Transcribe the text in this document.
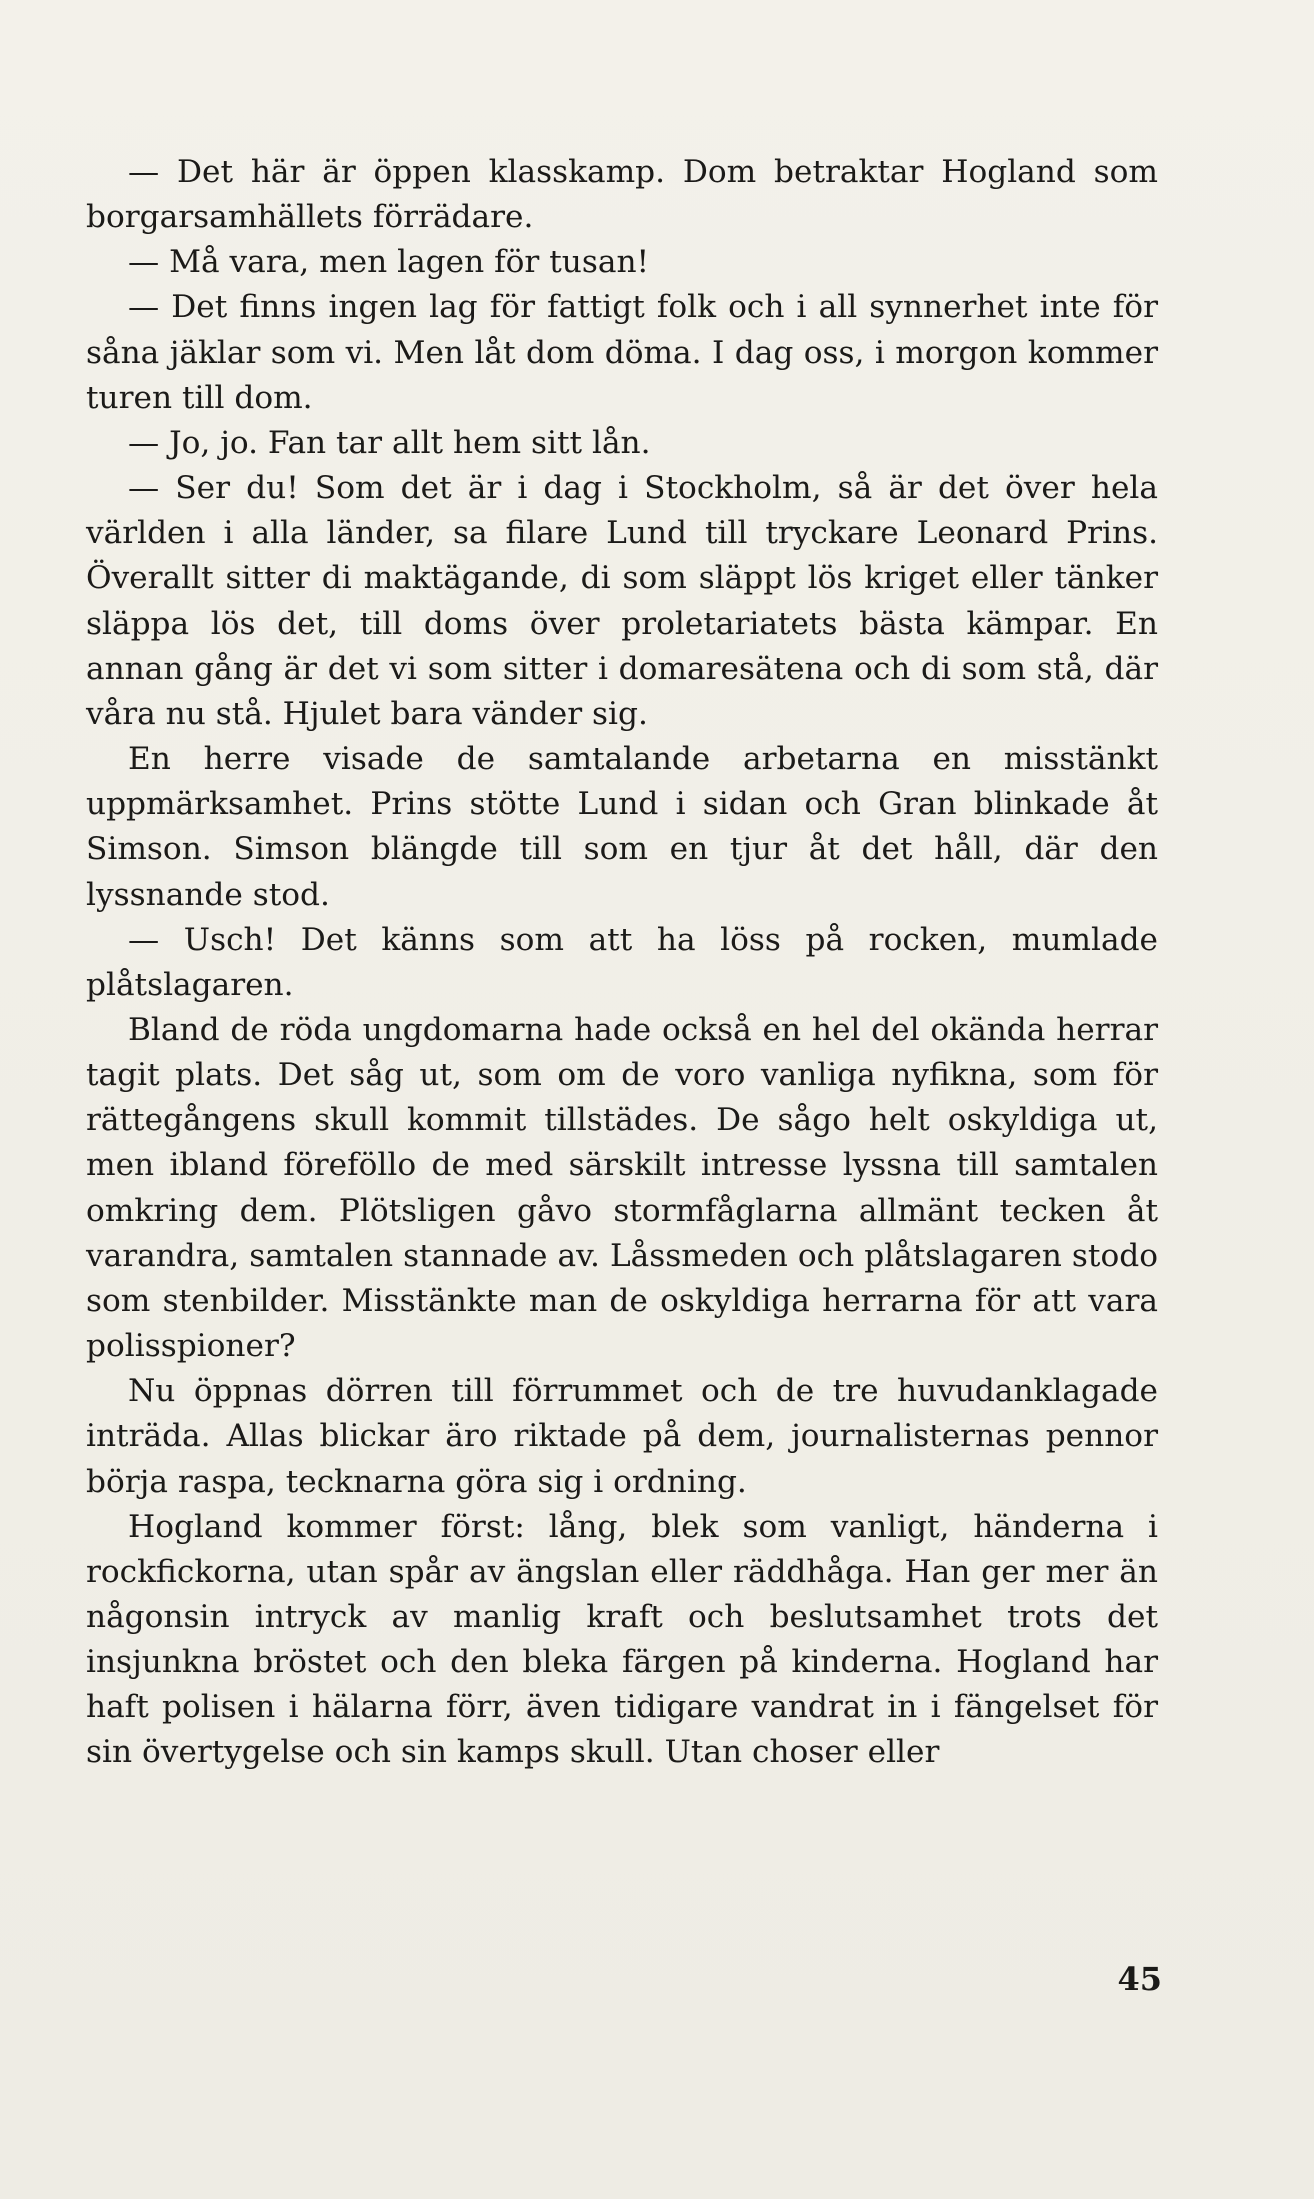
— Det här är öppen klasskamp. Dom betraktar Hogland som borgarsamhällets förrädare.

— Må vara, men lagen för tusan!

— Det finns ingen lag för fattigt folk och i all synnerhet inte för såna jäklar som vi. Men låt dom döma. I dag oss, i morgon kommer turen till dom.

— Jo, jo. Fan tar allt hem sitt lån.

— Ser du! Som det är i dag i Stockholm, så är det över hela världen i alla länder, sa filare Lund till tryckare Leonard Prins. Överallt sitter di maktägande, di som släppt lös kriget eller tänker släppa lös det, till doms över proletariatets bästa kämpar. En annan gång är det vi som sitter i domaresätena och di som stå, där våra nu stå. Hjulet bara vänder sig.

En herre visade de samtalande arbetarna en misstänkt uppmärksamhet. Prins stötte Lund i sidan och Gran blinkade åt Simson. Simson blängde till som en tjur åt det håll, där den lyssnande stod.

— Usch! Det känns som att ha löss på rocken, mumlade plåtslagaren.

Bland de röda ungdomarna hade också en hel del okända herrar tagit plats. Det såg ut, som om de voro vanliga nyfikna, som för rättegångens skull kommit tillstädes. De sågo helt oskyldiga ut, men ibland föreföllo de med särskilt intresse lyssna till samtalen omkring dem. Plötsligen gåvo stormfåglarna allmänt tecken åt varandra, samtalen stannade av. Låssmeden och plåtslagaren stodo som stenbilder. Misstänkte man de oskyldiga herrarna för att vara polisspioner?

Nu öppnas dörren till förrummet och de tre huvudanklagade inträda. Allas blickar äro riktade på dem, journalisternas pennor börja raspa, tecknarna göra sig i ordning.

Hogland kommer först: lång, blek som vanligt, händerna i rockfickorna, utan spår av ängslan eller räddhåga. Han ger mer än någonsin intryck av manlig kraft och beslutsamhet trots det insjunkna bröstet och den bleka färgen på kinderna. Hogland har haft polisen i hälarna förr, även tidigare vandrat in i fängelset för sin övertygelse och sin kamps skull. Utan choser eller

45
